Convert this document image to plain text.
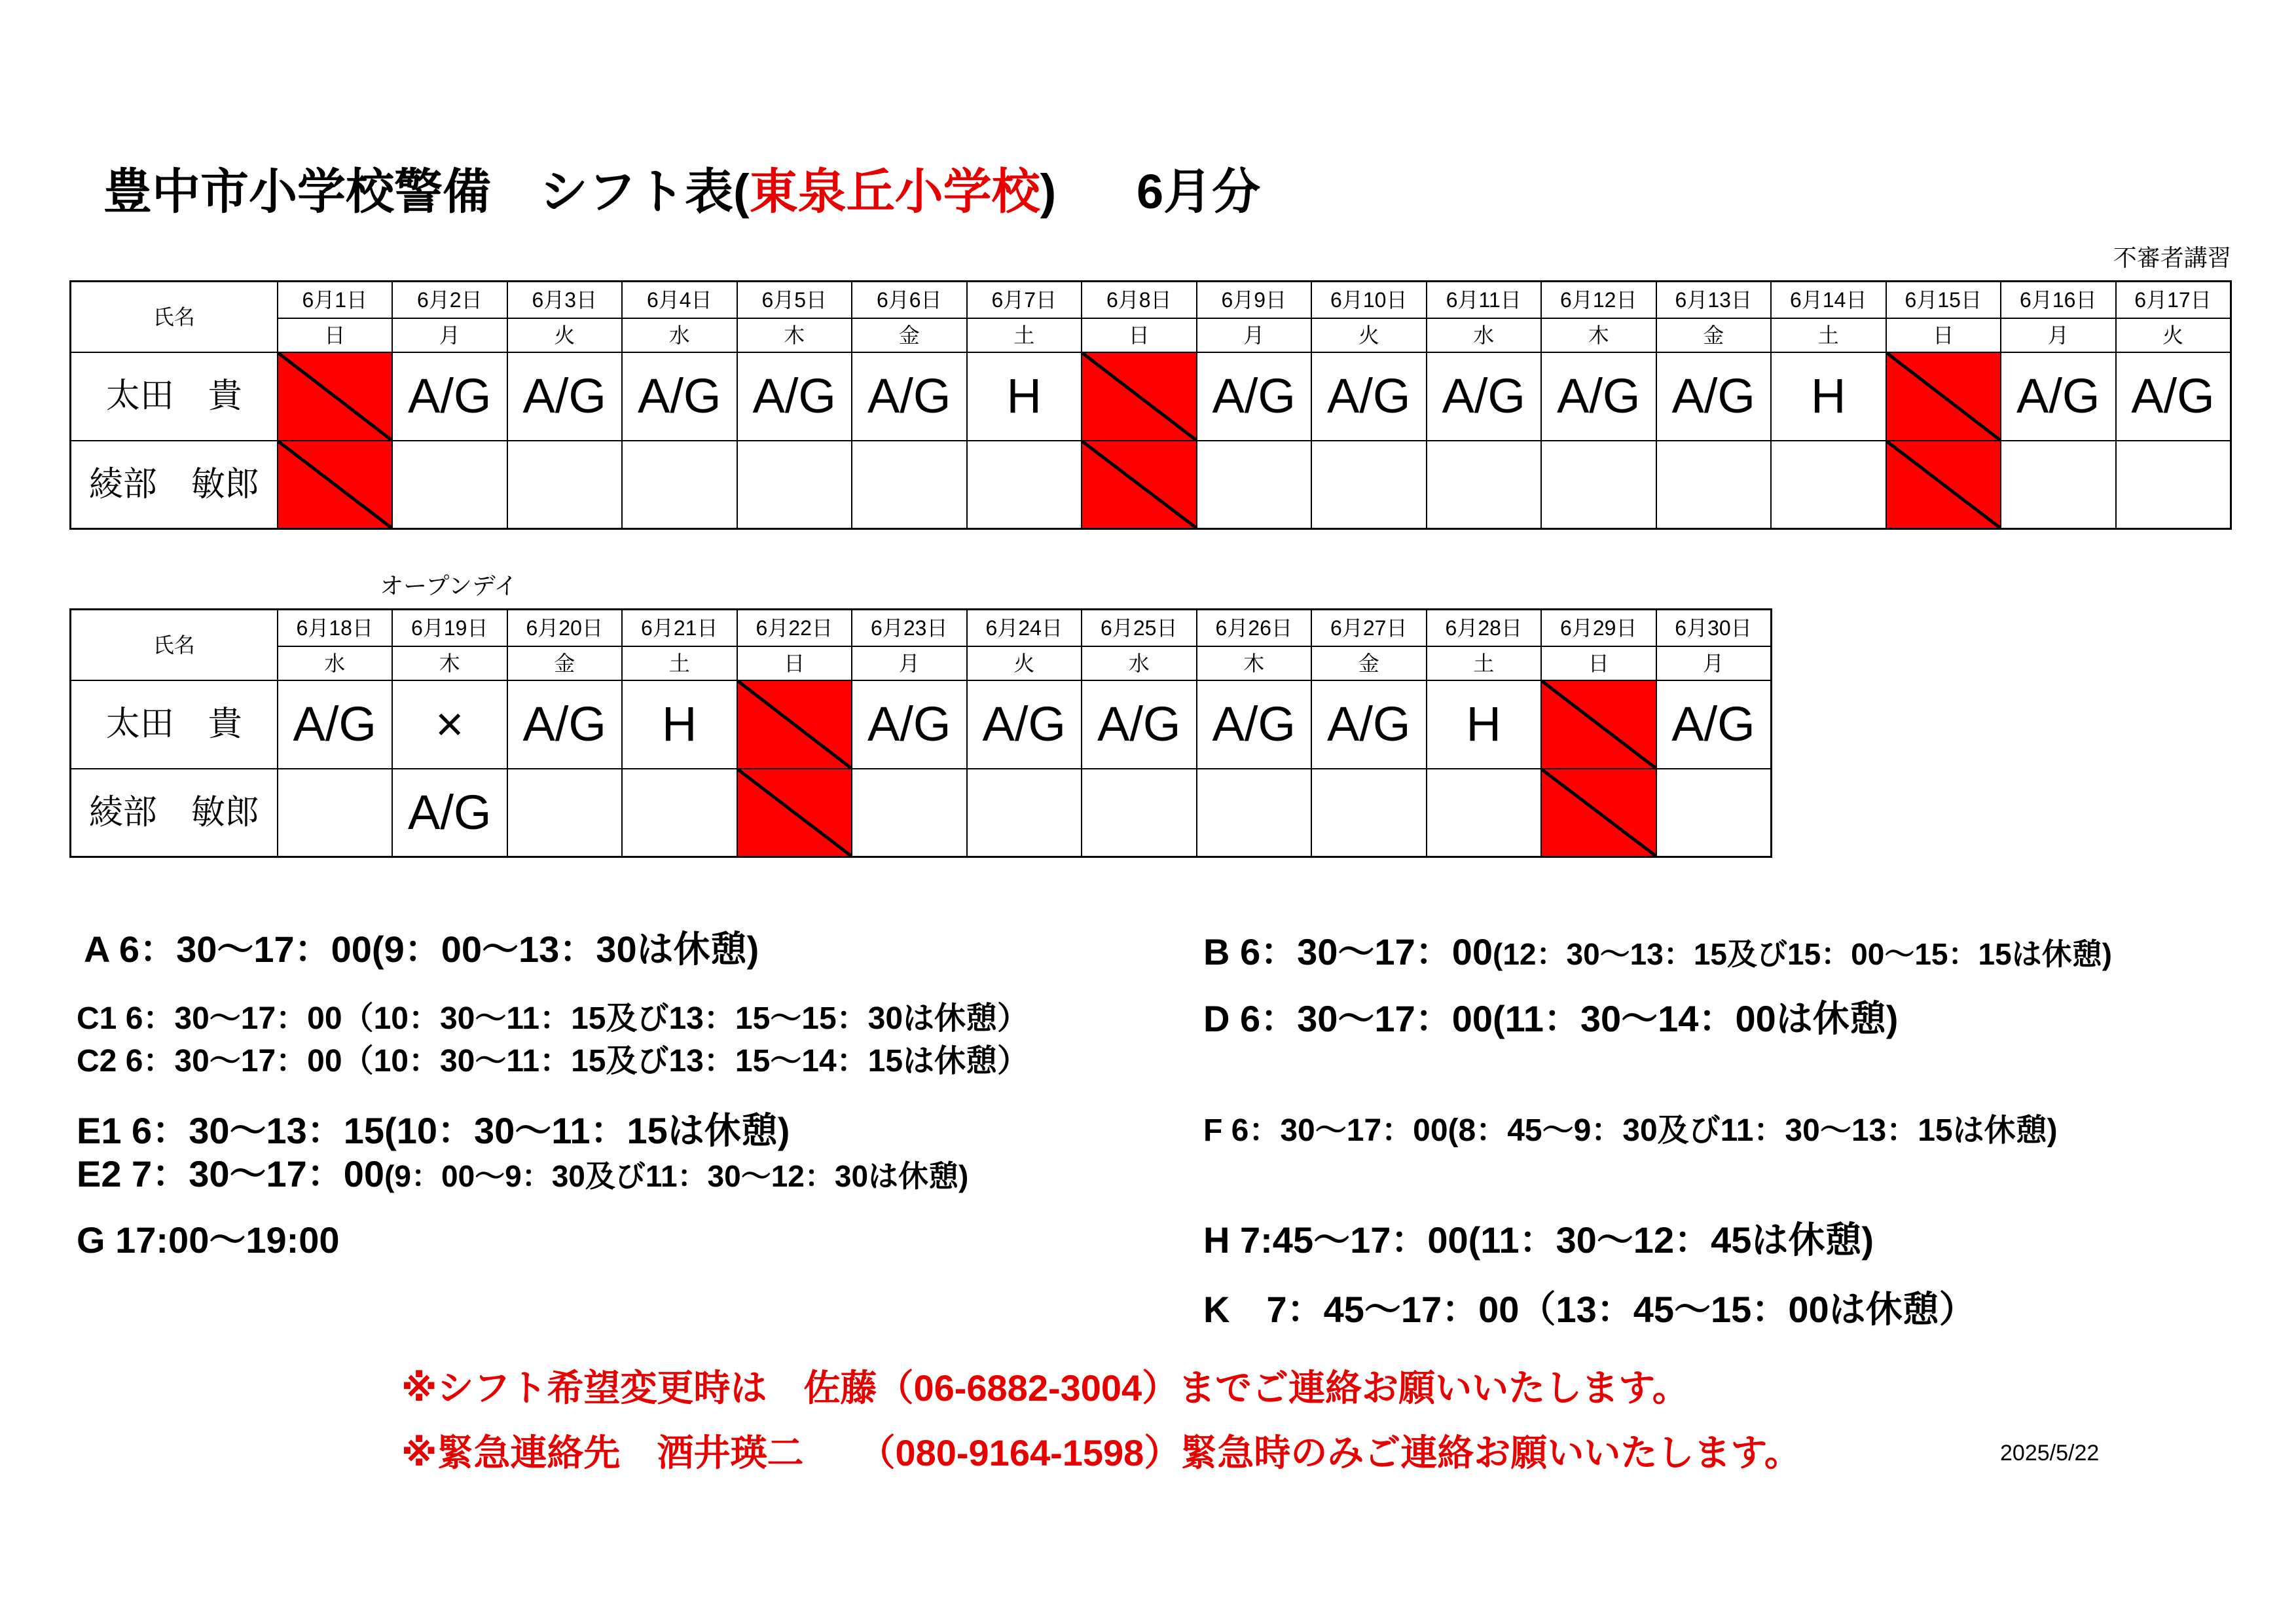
豊中市小学校警備　シフト表(東泉丘小学校) 6月分
氏名	6月1日	6月2日	6月3日	6月4日	6月5日	6月6日	6月7日	6月8日	6月9日	6月10日	6月11日	6月12日	6月13日	6月14日	6月15日	6月16日	6月17日
	日	月	火	水	木	金	土	日	月	火	水	木	金	土	日	月	火
太田　貴		A/G	A/G	A/G	A/G	A/G	H		A/G	A/G	A/G	A/G	A/G	H		A/G	A/G
綾部　敏郎																	
不審者講習
氏名	6月18日	6月19日	6月20日	6月21日	6月22日	6月23日	6月24日	6月25日	6月26日	6月27日	6月28日	6月29日	6月30日
	水	木	金	土	日	月	火	水	木	金	土	日	月
太田　貴	A/G	×	A/G	H		A/G	A/G	A/G	A/G	A/G	H		A/G
綾部　敏郎		A/G											
オープンデイ
A 6：30～17：00(9：00～13：30は休憩)	B 6：30～17：00(12：30～13：15及び15：00～15：15は休憩)
C1 6：30～17：00（10：30～11：15及び13：15～15：30は休憩）
C2 6：30～17：00（10：30～11：15及び13：15～14：15は休憩）
D 6：30～17：00(11：30～14：00は休憩)
E1 6：30～13：15(10：30～11：15は休憩)
E2 7：30～17：00(9：00～9：30及び11：30～12：30は休憩)
F 6：30～17：00(8：45～9：30及び11：30～13：15は休憩)
G 17:00～19:00	H 7:45～17：00(11：30～12：45は休憩)
K　7：45～17：00（13：45～15：00は休憩）
※シフト希望変更時は　佐藤（06-6882-3004）までご連絡お願いいたします。
※緊急連絡先　酒井瑛二　　（080-9164-1598）緊急時のみご連絡お願いいたします。	2025/5/22
